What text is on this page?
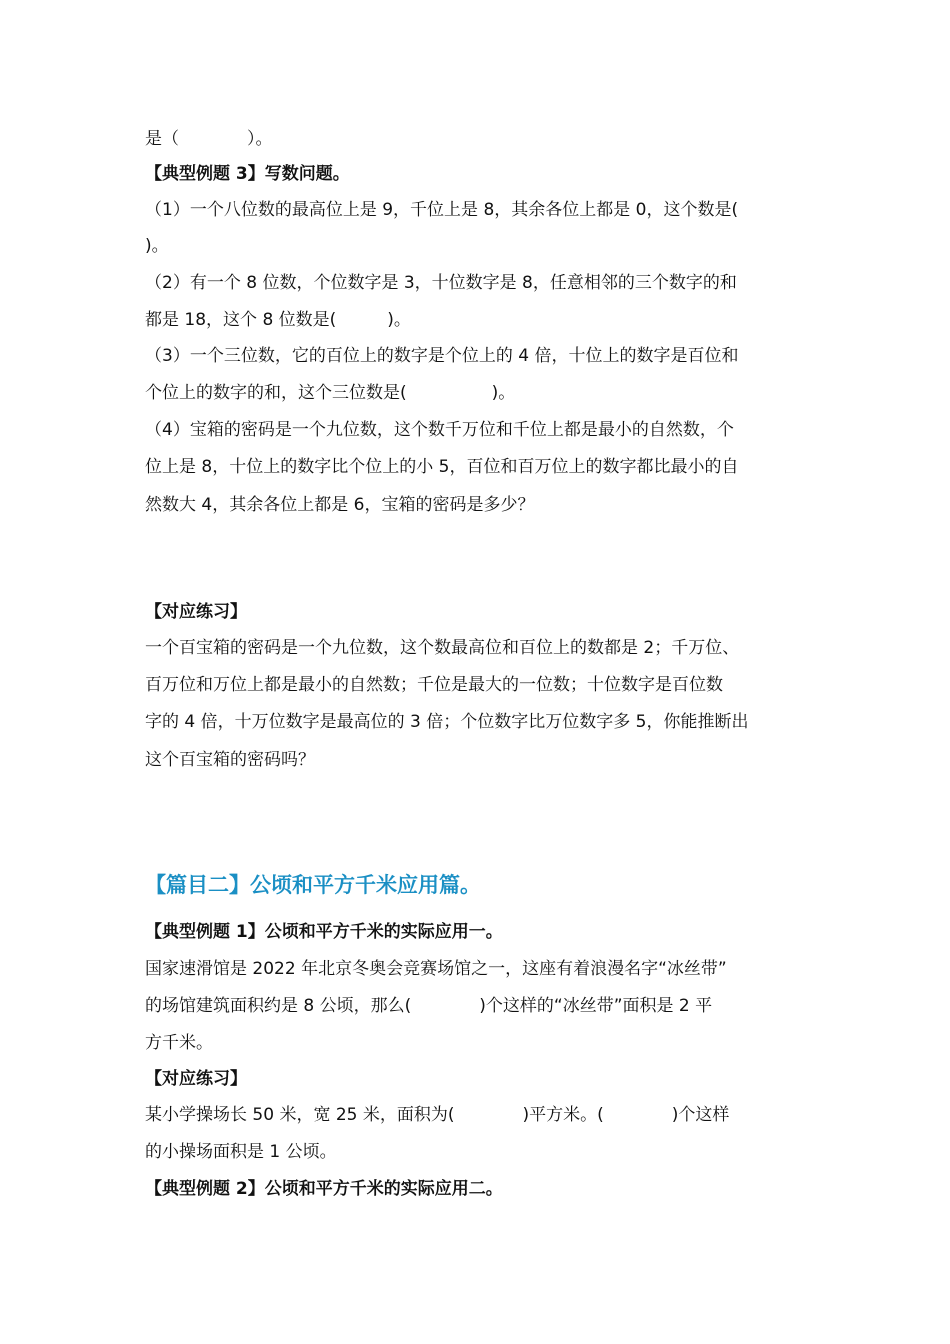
是（　　　　）。
【典型例题 3】写数问题。
（1）一个八位数的最高位上是 9，千位上是 8，其余各位上都是 0，这个数是(
)。
（2）有一个 8 位数，个位数字是 3，十位数字是 8，任意相邻的三个数字的和
都是 18，这个 8 位数是(　　　)。
（3）一个三位数，它的百位上的数字是个位上的 4 倍，十位上的数字是百位和
个位上的数字的和，这个三位数是(　　　　　)。
（4）宝箱的密码是一个九位数，这个数千万位和千位上都是最小的自然数，个
位上是 8，十位上的数字比个位上的小 5，百位和百万位上的数字都比最小的自
然数大 4，其余各位上都是 6，宝箱的密码是多少？
【对应练习】
一个百宝箱的密码是一个九位数，这个数最高位和百位上的数都是 2；千万位、
百万位和万位上都是最小的自然数；千位是最大的一位数；十位数字是百位数
字的 4 倍，十万位数字是最高位的 3 倍；个位数字比万位数字多 5，你能推断出
这个百宝箱的密码吗？
【篇目二】公顷和平方千米应用篇。
【典型例题 1】公顷和平方千米的实际应用一。
国家速滑馆是 2022 年北京冬奥会竞赛场馆之一，这座有着浪漫名字“冰丝带”
的场馆建筑面积约是 8 公顷，那么(　　　　)个这样的“冰丝带”面积是 2 平
方千米。
【对应练习】
某小学操场长 50 米，宽 25 米，面积为(　　　　)平方米。(　　　　)个这样
的小操场面积是 1 公顷。
【典型例题 2】公顷和平方千米的实际应用二。
